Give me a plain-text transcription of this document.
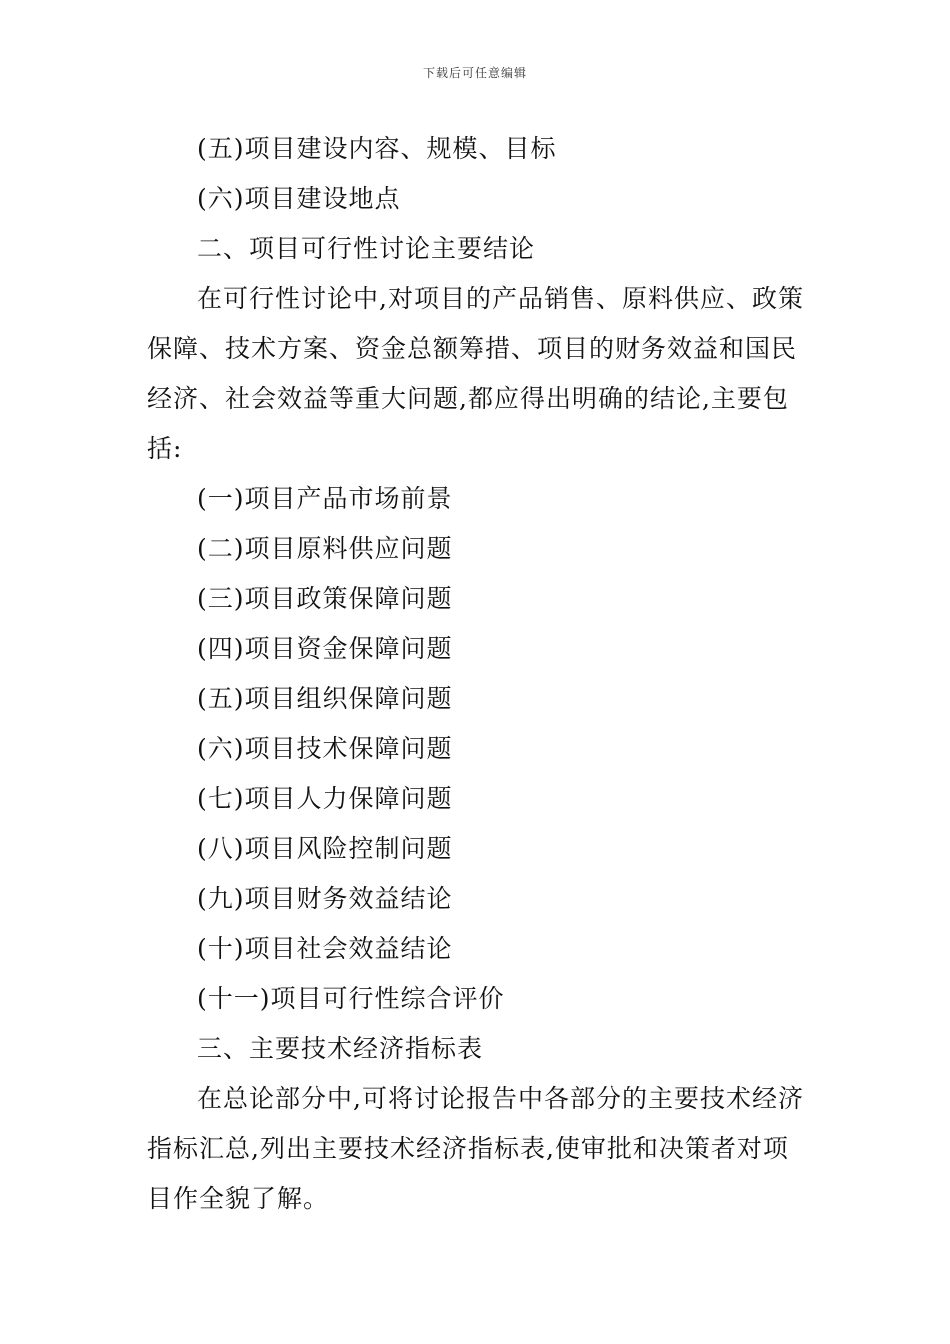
下载后可任意编辑
(五)项目建设内容、规模、目标
(六)项目建设地点
二、项目可行性讨论主要结论
在可行性讨论中,对项目的产品销售、原料供应、政策
保障、技术方案、资金总额筹措、项目的财务效益和国民
经济、社会效益等重大问题,都应得出明确的结论,主要包
括:
(一)项目产品市场前景
(二)项目原料供应问题
(三)项目政策保障问题
(四)项目资金保障问题
(五)项目组织保障问题
(六)项目技术保障问题
(七)项目人力保障问题
(八)项目风险控制问题
(九)项目财务效益结论
(十)项目社会效益结论
(十一)项目可行性综合评价
三、主要技术经济指标表
在总论部分中,可将讨论报告中各部分的主要技术经济
指标汇总,列出主要技术经济指标表,使审批和决策者对项
目作全貌了解。
